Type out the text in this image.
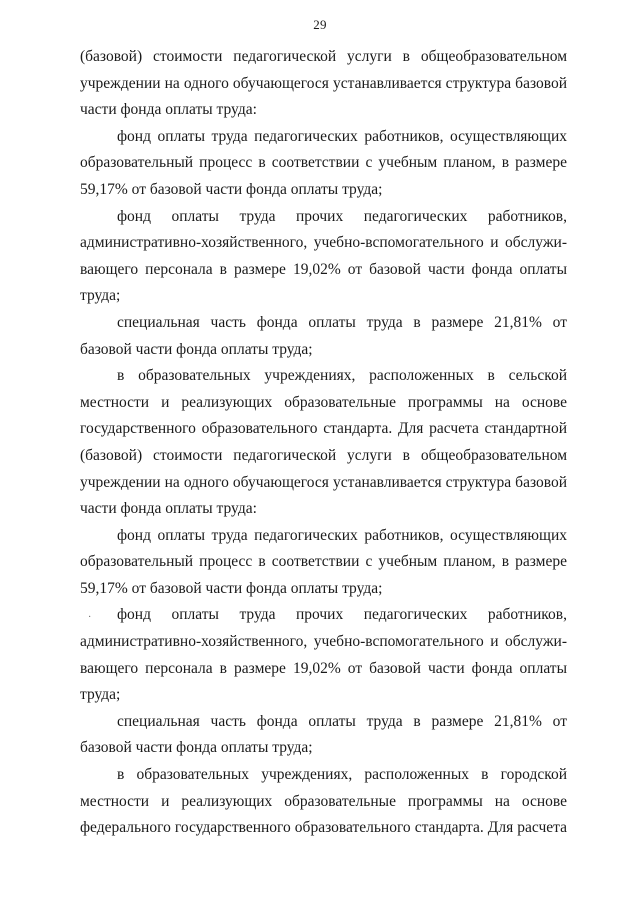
29

(базовой) стоимости педагогической услуги в общеобразовательном учреждении на одного обучающегося устанавливается структура базовой части фонда оплаты труда:

фонд оплаты труда педагогических работников, осуществляющих образовательный процесс в соответствии с учебным планом, в размере 59,17% от базовой части фонда оплаты труда;

фонд оплаты труда прочих педагогических работников, административно-хозяйственного, учебно-вспомогательного и обслуживающего персонала в размере 19,02% от базовой части фонда оплаты труда;

специальная часть фонда оплаты труда в размере 21,81% от базовой части фонда оплаты труда;

в образовательных учреждениях, расположенных в сельской местности и реализующих образовательные программы на основе государственного образовательного стандарта. Для расчета стандартной (базовой) стоимости педагогической услуги в общеобразовательном учреждении на одного обучающегося устанавливается структура базовой части фонда оплаты труда:

фонд оплаты труда педагогических работников, осуществляющих образовательный процесс в соответствии с учебным планом, в размере 59,17% от базовой части фонда оплаты труда;

фонд оплаты труда прочих педагогических работников, административно-хозяйственного, учебно-вспомогательного и обслуживающего персонала в размере 19,02% от базовой части фонда оплаты труда;

специальная часть фонда оплаты труда в размере 21,81% от базовой части фонда оплаты труда;

в образовательных учреждениях, расположенных в городской местности и реализующих образовательные программы на основе федерального государственного образовательного стандарта. Для расчета

·
